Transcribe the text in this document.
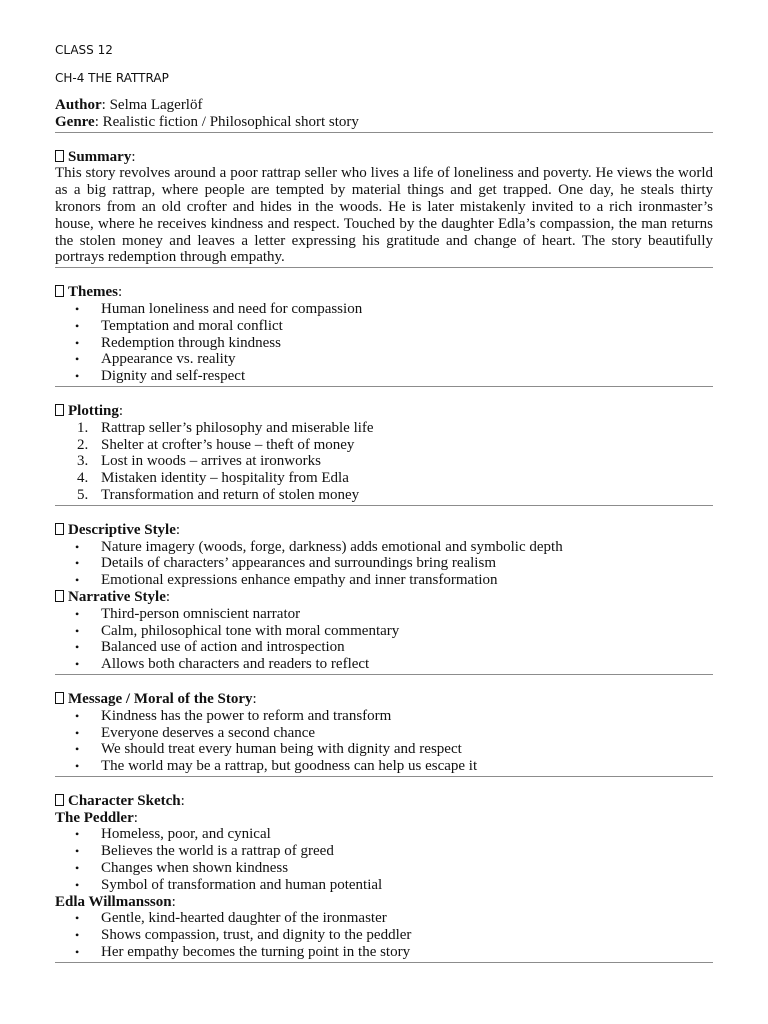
CLASS 12
CH-4 THE RATTRAP
Author: Selma Lagerlöf
Genre: Realistic fiction / Philosophical short story
Summary:

This story revolves around a poor rattrap seller who lives a life of loneliness and poverty. He views the world as a big rattrap, where people are tempted by material things and get trapped. One day, he steals thirty kronors from an old crofter and hides in the woods. He is later mistakenly invited to a rich ironmaster’s house, where he receives kindness and respect. Touched by the daughter Edla’s compassion, the man returns the stolen money and leaves a letter expressing his gratitude and change of heart. The story beautifully portrays redemption through empathy.

Themes:
• Human loneliness and need for compassion
• Temptation and moral conflict
• Redemption through kindness
• Appearance vs. reality
• Dignity and self-respect
Plotting:
1. Rattrap seller’s philosophy and miserable life
2. Shelter at crofter’s house – theft of money
3. Lost in woods – arrives at ironworks
4. Mistaken identity – hospitality from Edla
5. Transformation and return of stolen money
Descriptive Style:
• Nature imagery (woods, forge, darkness) adds emotional and symbolic depth
• Details of characters’ appearances and surroundings bring realism
• Emotional expressions enhance empathy and inner transformation
Narrative Style:
• Third-person omniscient narrator
• Calm, philosophical tone with moral commentary
• Balanced use of action and introspection
• Allows both characters and readers to reflect
Message / Moral of the Story:
• Kindness has the power to reform and transform
• Everyone deserves a second chance
• We should treat every human being with dignity and respect
• The world may be a rattrap, but goodness can help us escape it
Character Sketch:
The Peddler:
• Homeless, poor, and cynical
• Believes the world is a rattrap of greed
• Changes when shown kindness
• Symbol of transformation and human potential
Edla Willmansson:
• Gentle, kind-hearted daughter of the ironmaster
• Shows compassion, trust, and dignity to the peddler
• Her empathy becomes the turning point in the story
